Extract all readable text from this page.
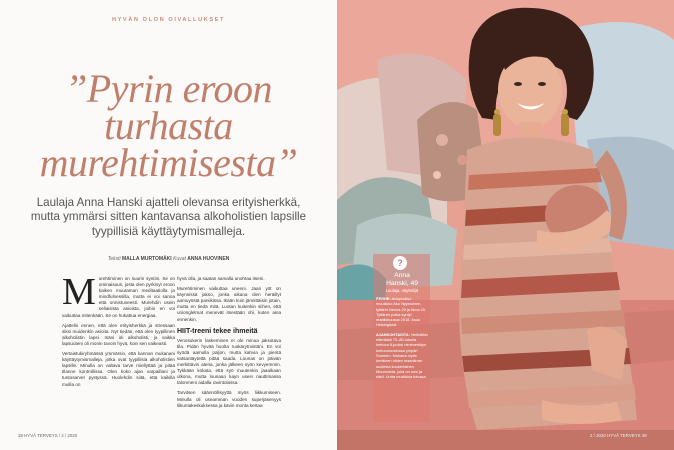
HYVÄN OLON OIVALLUKSET
”Pyrin eroon
turhasta
murehtimisesta”
Laulaja Anna Hanski ajatteli olevansa erityisherkkä, mutta ymmärsi sitten kantavansa alkoholistien lapsille tyypillisiä käyttäytymismalleja.
Teksti MALLA MURTOMÄKI Kuvat ANNA HUOVINEN
M urehtiminen on suurin syntini. Se on ominaisuus, josta olen pyrkinyt eroon kaiken muutaman meditaatiolla ja mindfulnessilla, mutta ei voi sanoa että onnistuneesti. Murehdin usein sellaisista asioista, joihin en voi vaikuttaa mitenkään. Se on hukattua energiaa.

Ajattelin ennen, että olen erityisherkkä ja stressaan siksi muidenkin asioita. Nyt tiedän, että olen tyypillinen alkoholistin lapsi. Isäni oli alkoholisti, ja vaikka lapsuuteni oli monin tavoin hyvä, koin sen vaikeasti.

Vertaistukiryhmässä ymmärsin, että kannan mukanani käyttäytymismalleja, jotka ovat tyypillisiä alkoholistien lapsille. Minulla on valtava tarve miellyttää ja pitää tilanne kontrollissa. Olen koko ajan varpaillani ja tuntosarvet pystyssä. Huolehdin siitä, että kaikilla muilla on

hyvä olla, ja saatan samalla unohtaa itseni.

Murehtiminen vaikuttaa uneeni. Jaan yöt on käynnissä jakso, jonka aikana olen heräillyt aamuyöstä paniikissa. Ikään kuin jännittäisin jotain, mutta en tiedä mitä. Luotan kuitenkin siihen, että unionglelmat menevät itsestään ohi, kuten aina ennenkin.

HIIT-treeni tekee ihmeitä

Venosukerin laskeminen ei ole minua jaksotava tila. Pidän hyvää huolta ruokarytmistäni. En voi syödä aamulla paljon, mutta kahvia ja pientä vatsantäytettä pitää saada. Lounas on päivän merkittävin ateria, jonka jälkeen syön kevyemmin. Tykkään kokata, että syö muutenkin jaaaikaan ulkona, mutta lounaan kayn usein nauttimassa talonmeni aidalla ravintolassa.

Tarvitsen säännöllisyyttä myös liikkumiseen. Minulla oli useamman vuoden superjäsenyys liikuntakeskuksessa ja kävin monta kertaa

38 HYVÄ TERVEYS / 2 / 2020
?
Anna
Hanski, 49
Laulaja, näyttelijä
PERHE: Aviopuoliso muusikko Aku Nyyssönen, tyttäret Nenna 25 ja Alma 20. Tyttären poika syntyi maaliskuussa 2018. Asuu Helsingissä.
AJANKOHTAISTA: Nelisiltäin elämästä 70–80-lukulla kertova 8-juoksi nimimerkityn kertuumuodossa ympäri Suomen. Mukana myös keväinen viiden maanlirran suolesta kuukertainen Muomoista, joka on uusi ja siisti. Uutta musiikkia tulossa.
2 / 2020 HYVÄ TERVEYS 39
